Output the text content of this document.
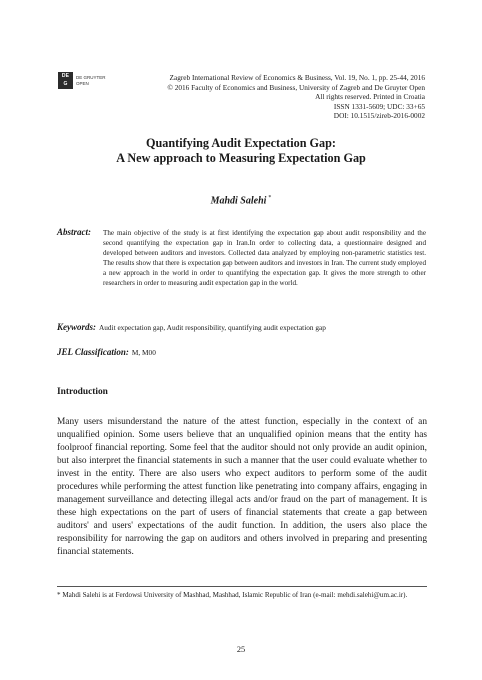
DE
G
DE GRUYTER OPEN
Zagreb International Review of Economics & Business, Vol. 19, No. 1, pp. 25-44, 2016
© 2016 Faculty of Economics and Business, University of Zagreb and De Gruyter Open
All rights reserved. Printed in Croatia
ISSN 1331-5609; UDC: 33+65
DOI: 10.1515/zireb-2016-0002
Quantifying Audit Expectation Gap:
A New approach to Measuring Expectation Gap
Mahdi Salehi *
Abstract: The main objective of the study is at first identifying the expectation gap about audit responsibility and the second quantifying the expectation gap in Iran.In order to collecting data, a questionnaire designed and developed between auditors and investors. Collected data analyzed by employing non-parametric statistics test. The results show that there is expectation gap between auditors and investors in Iran. The current study employed a new approach in the world in order to quantifying the expectation gap. It gives the more strength to other researchers in order to measuring audit expectation gap in the world.
Keywords: Audit expectation gap, Audit responsibility, quantifying audit expectation gap
JEL Classification: M, M00
Introduction
Many users misunderstand the nature of the attest function, especially in the context of an unqualified opinion. Some users believe that an unqualified opinion means that the entity has foolproof financial reporting. Some feel that the auditor should not only provide an audit opinion, but also interpret the financial statements in such a manner that the user could evaluate whether to invest in the entity. There are also users who expect auditors to perform some of the audit procedures while performing the attest function like penetrating into company affairs, engaging in management surveillance and detecting illegal acts and/or fraud on the part of management. It is these high expectations on the part of users of financial statements that create a gap between auditors' and users' expectations of the audit function. In addition, the users also place the responsibility for narrowing the gap on auditors and others involved in preparing and presenting financial statements.
* Mahdi Salehi is at Ferdowsi University of Mashhad, Mashhad, Islamic Republic of Iran (e-mail: mehdi.salehi@um.ac.ir).
25
